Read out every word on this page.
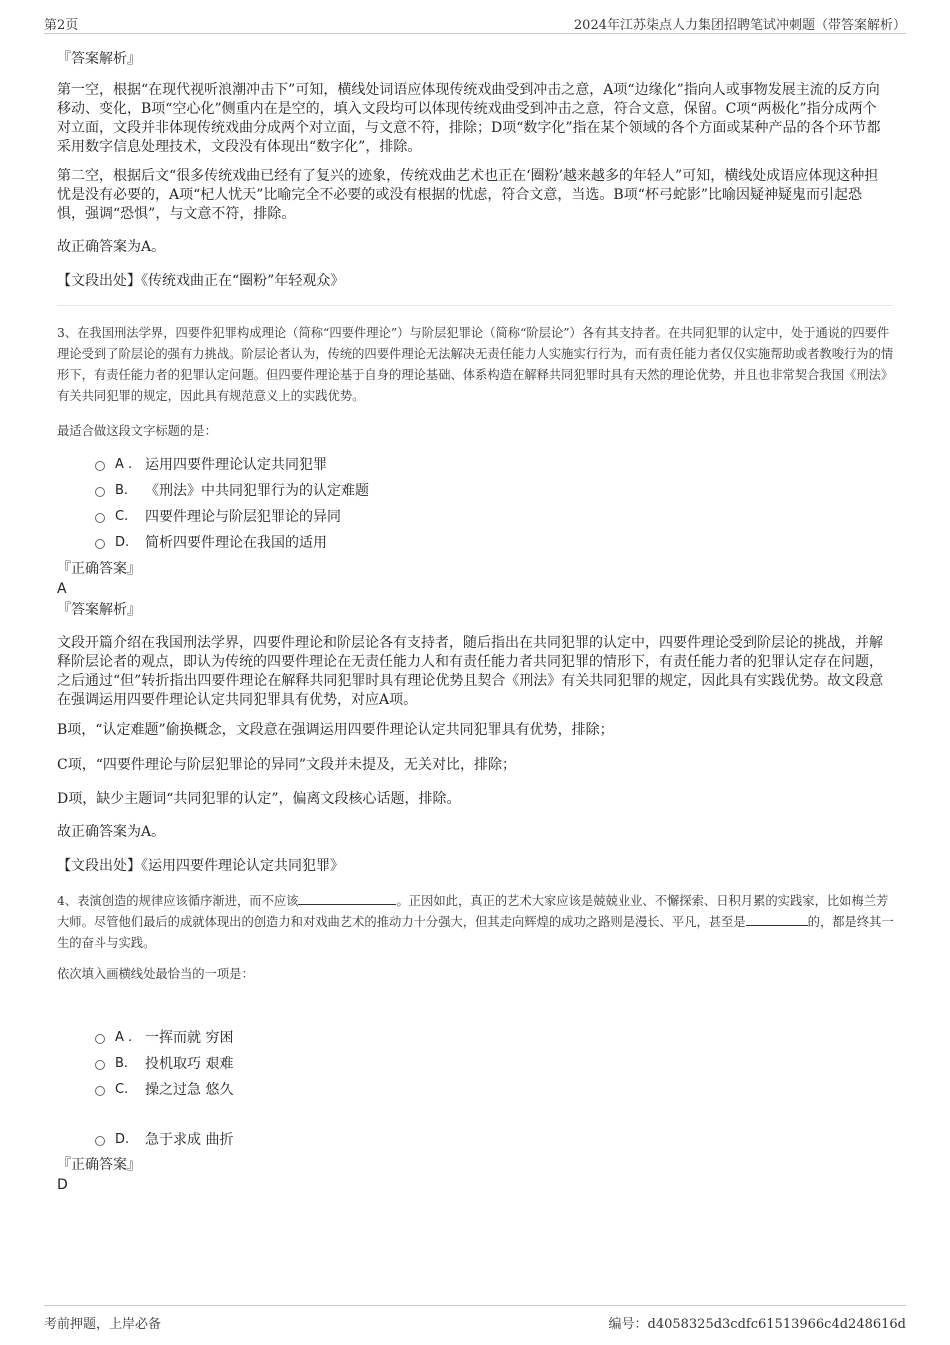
第2页	2024年江苏柒点人力集团招聘笔试冲刺题（带答案解析）
『答案解析』
第一空，根据“在现代视听浪潮冲击下”可知，横线处词语应体现传统戏曲受到冲击之意，A项“边缘化”指向人或事物发展主流的反方向移动、变化，B项“空心化”侧重内在是空的，填入文段均可以体现传统戏曲受到冲击之意，符合文意，保留。C项“两极化”指分成两个对立面，文段并非体现传统戏曲分成两个对立面，与文意不符，排除；D项“数字化”指在某个领域的各个方面或某种产品的各个环节都采用数字信息处理技术，文段没有体现出“数字化”，排除。
第二空，根据后文“很多传统戏曲已经有了复兴的迹象，传统戏曲艺术也正在‘圈粉’越来越多的年轻人”可知，横线处成语应体现这种担忧是没有必要的，A项“杞人忧天”比喻完全不必要的或没有根据的忧虑，符合文意，当选。B项“杯弓蛇影”比喻因疑神疑鬼而引起恐惧，强调“恐惧”，与文意不符，排除。
故正确答案为A。
【文段出处】《传统戏曲正在“圈粉”年轻观众》
3、在我国刑法学界，四要件犯罪构成理论（简称“四要件理论”）与阶层犯罪论（简称“阶层论”）各有其支持者。在共同犯罪的认定中，处于通说的四要件理论受到了阶层论的强有力挑战。阶层论者认为，传统的四要件理论无法解决无责任能力人实施实行行为，而有责任能力者仅仅实施帮助或者教唆行为的情形下，有责任能力者的犯罪认定问题。但四要件理论基于自身的理论基础、体系构造在解释共同犯罪时具有天然的理论优势，并且也非常契合我国《刑法》有关共同犯罪的规定，因此具有规范意义上的实践优势。
最适合做这段文字标题的是：
A . 运用四要件理论认定共同犯罪
B.	《刑法》中共同犯罪行为的认定难题
C.	四要件理论与阶层犯罪论的异同
D.	简析四要件理论在我国的适用
『正确答案』
A
『答案解析』
文段开篇介绍在我国刑法学界，四要件理论和阶层论各有支持者，随后指出在共同犯罪的认定中，四要件理论受到阶层论的挑战，并解释阶层论者的观点，即认为传统的四要件理论在无责任能力人和有责任能力者共同犯罪的情形下，有责任能力者的犯罪认定存在问题，之后通过“但”转折指出四要件理论在解释共同犯罪时具有理论优势且契合《刑法》有关共同犯罪的规定，因此具有实践优势。故文段意在强调运用四要件理论认定共同犯罪具有优势，对应A项。
B项，“认定难题”偷换概念，文段意在强调运用四要件理论认定共同犯罪具有优势，排除；
C项，“四要件理论与阶层犯罪论的异同”文段并未提及，无关对比，排除；
D项，缺少主题词“共同犯罪的认定”，偏离文段核心话题，排除。
故正确答案为A。
【文段出处】《运用四要件理论认定共同犯罪》
4、表演创造的规律应该循序渐进，而不应该	。正因如此，真正的艺术大家应该是兢兢业业、不懈探索、日积月累的实践家，比如梅兰芳大师。尽管他们最后的成就体现出的创造力和对戏曲艺术的推动力十分强大，但其走向辉煌的成功之路则是漫长、平凡，甚至是	的，都是终其一生的奋斗与实践。
依次填入画横线处最恰当的一项是：
A . 一挥而就 穷困
B.	投机取巧 艰难
C.	操之过急 悠久
D.	急于求成 曲折
『正确答案』
D
考前押题，上岸必备	编号：d4058325d3cdfc61513966c4d248616d
